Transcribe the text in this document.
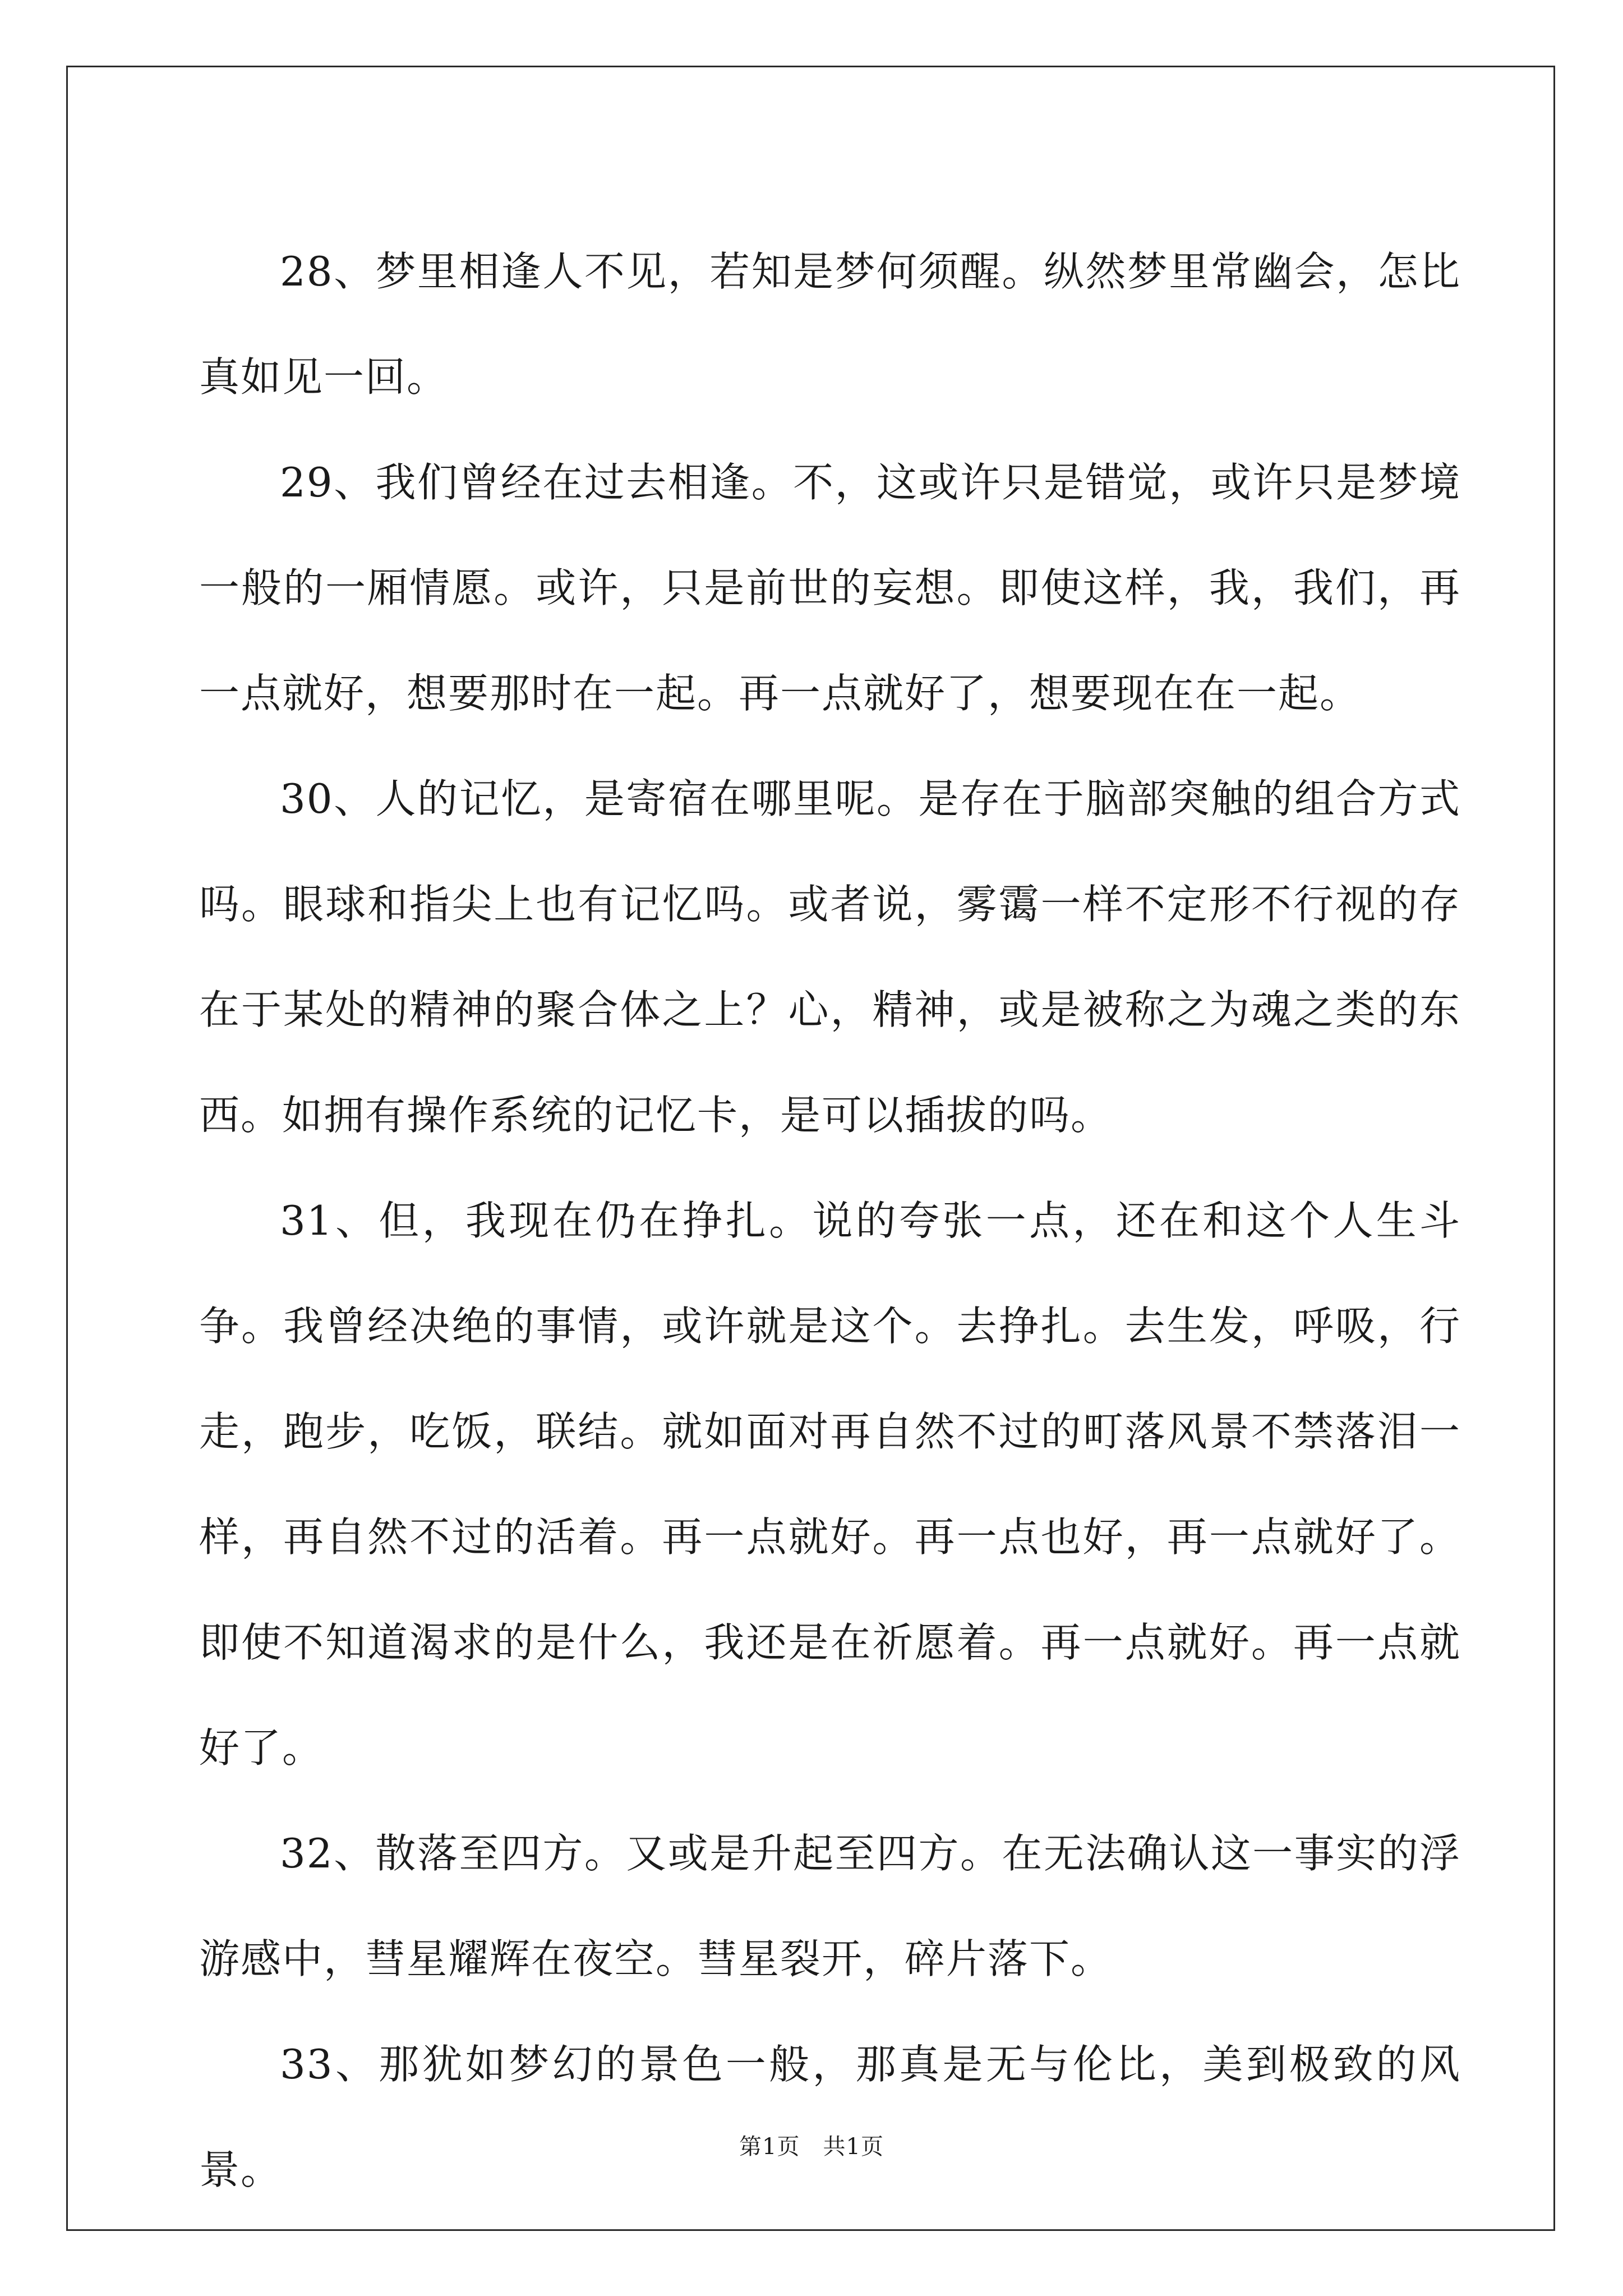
28、梦里相逢人不见，若知是梦何须醒。纵然梦里常幽会，怎比真如见一回。

29、我们曾经在过去相逢。不，这或许只是错觉，或许只是梦境一般的一厢情愿。或许，只是前世的妄想。即使这样，我，我们，再一点就好，想要那时在一起。再一点就好了，想要现在在一起。

30、人的记忆，是寄宿在哪里呢。是存在于脑部突触的组合方式吗。眼球和指尖上也有记忆吗。或者说，雾霭一样不定形不行视的存在于某处的精神的聚合体之上？心，精神，或是被称之为魂之类的东西。如拥有操作系统的记忆卡，是可以插拔的吗。

31、但，我现在仍在挣扎。说的夸张一点，还在和这个人生斗争。我曾经决绝的事情，或许就是这个。去挣扎。去生发，呼吸，行走，跑步，吃饭，联结。就如面对再自然不过的町落风景不禁落泪一样，再自然不过的活着。再一点就好。再一点也好，再一点就好了。即使不知道渴求的是什么，我还是在祈愿着。再一点就好。再一点就好了。

32、散落至四方。又或是升起至四方。在无法确认这一事实的浮游感中，彗星耀辉在夜空。彗星裂开，碎片落下。

33、那犹如梦幻的景色一般，那真是无与伦比，美到极致的风景。	第1页　共1页
